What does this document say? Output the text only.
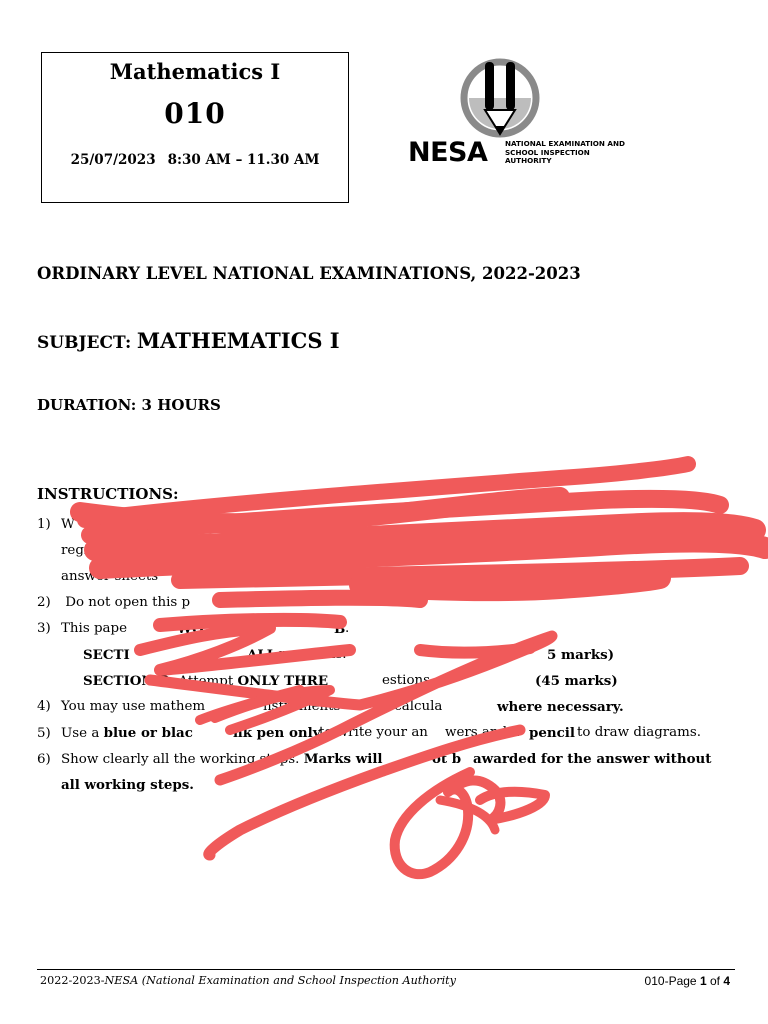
Mathematics I
010
25/07/2023 8:30 AM – 11.30 AM	NESA NATIONAL EXAMINATION AND
SCHOOL INSPECTION
AUTHORITY
ORDINARY LEVEL NATIONAL EXAMINATIONS, 2022-2023
SUBJECT: MATHEMATICS I
DURATION: 3 HOURS
INSTRUCTIONS:
1) W	s
regis
answer sheets
2) Do not open this p	so.
3) This pape	WO	ns:	B .
SECTI	ALL questions.	5 marks)
SECTION B: Attempt ONLY THRE	estions	(45 marks)
4) You may use mathem	nstruments	a calcula	where necessary.
5) Use a blue or blac	nk pen only
to write your an wers and a pencil to draw diagrams.
6) Show clearly all the working steps. Marks will	ot b awarded for the answer without
all working steps.
2022-2023-NESA (National Examination and School Inspection Authority	010-Page 1 of 4
